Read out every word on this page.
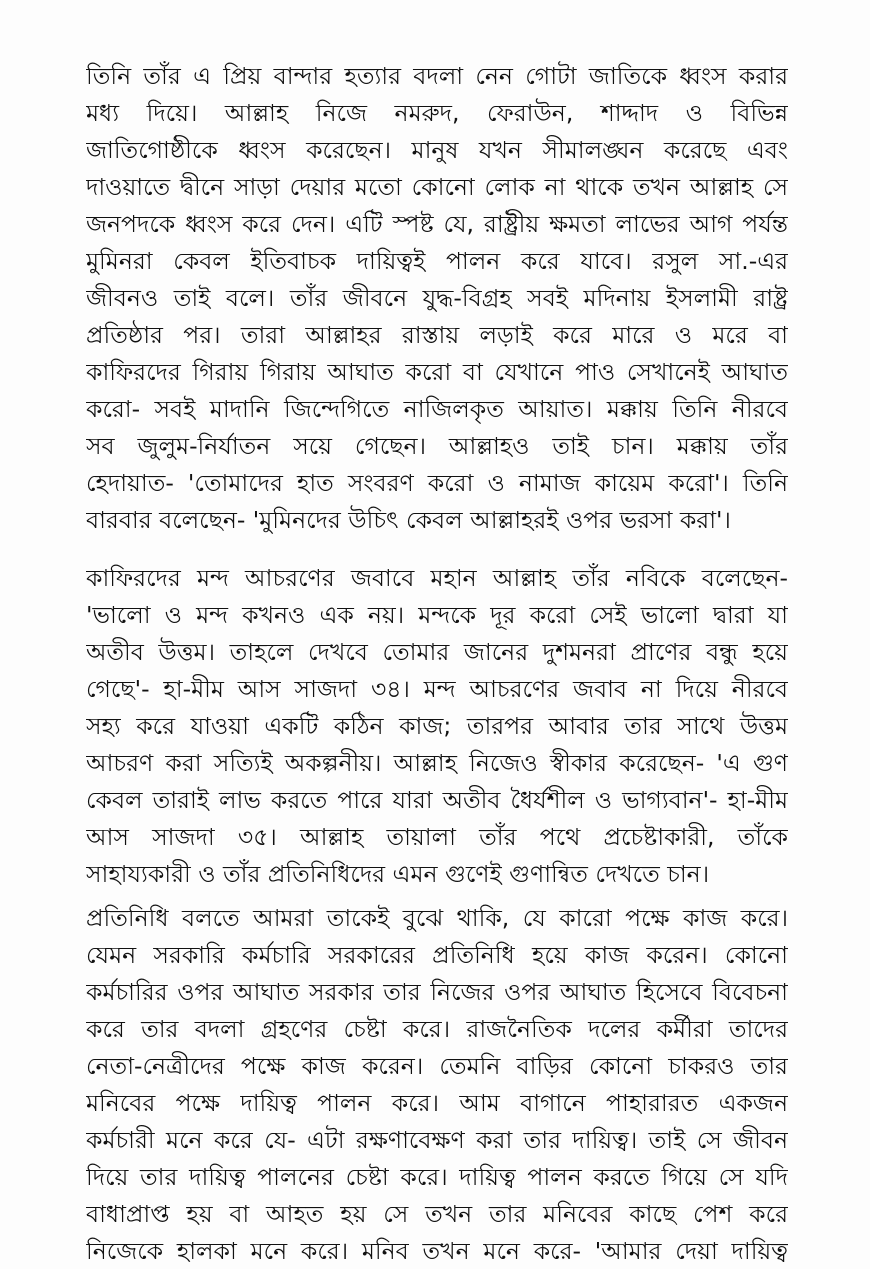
তিনি তাঁর এ প্রিয় বান্দার হত্যার বদলা নেন গোটা জাতিকে ধ্বংস করার
মধ্য দিয়ে। আল্লাহ নিজে নমরুদ, ফেরাউন, শাদ্দাদ ও বিভিন্ন
জাতিগোষ্ঠীকে ধ্বংস করেছেন। মানুষ যখন সীমালঙ্ঘন করেছে এবং
দাওয়াতে দ্বীনে সাড়া দেয়ার মতো কোনো লোক না থাকে তখন আল্লাহ সে
জনপদকে ধ্বংস করে দেন। এটি স্পষ্ট যে, রাষ্ট্রীয় ক্ষমতা লাভের আগ পর্যন্ত
মুমিনরা কেবল ইতিবাচক দায়িত্বই পালন করে যাবে। রসুল সা.-এর
জীবনও তাই বলে। তাঁর জীবনে যুদ্ধ-বিগ্রহ সবই মদিনায় ইসলামী রাষ্ট্র
প্রতিষ্ঠার পর। তারা আল্লাহর রাস্তায় লড়াই করে মারে ও মরে বা
কাফিরদের গিরায় গিরায় আঘাত করো বা যেখানে পাও সেখানেই আঘাত
করো- সবই মাদানি জিন্দেগিতে নাজিলকৃত আয়াত। মক্কায় তিনি নীরবে
সব জুলুম-নির্যাতন সয়ে গেছেন। আল্লাহও তাই চান। মক্কায় তাঁর
হেদায়াত- 'তোমাদের হাত সংবরণ করো ও নামাজ কায়েম করো'। তিনি
বারবার বলেছেন- 'মুমিনদের উচিৎ কেবল আল্লাহরই ওপর ভরসা করা'।
কাফিরদের মন্দ আচরণের জবাবে মহান আল্লাহ তাঁর নবিকে বলেছেন-
'ভালো ও মন্দ কখনও এক নয়। মন্দকে দূর করো সেই ভালো দ্বারা যা
অতীব উত্তম। তাহলে দেখবে তোমার জানের দুশমনরা প্রাণের বন্ধু হয়ে
গেছে'- হা-মীম আস সাজদা ৩৪। মন্দ আচরণের জবাব না দিয়ে নীরবে
সহ্য করে যাওয়া একটি কঠিন কাজ; তারপর আবার তার সাথে উত্তম
আচরণ করা সত্যিই অকল্পনীয়। আল্লাহ নিজেও স্বীকার করেছেন- 'এ গুণ
কেবল তারাই লাভ করতে পারে যারা অতীব ধৈর্যশীল ও ভাগ্যবান'- হা-মীম
আস সাজদা ৩৫। আল্লাহ তায়ালা তাঁর পথে প্রচেষ্টাকারী, তাঁকে
সাহায্যকারী ও তাঁর প্রতিনিধিদের এমন গুণেই গুণান্বিত দেখতে চান।
প্রতিনিধি বলতে আমরা তাকেই বুঝে থাকি, যে কারো পক্ষে কাজ করে।
যেমন সরকারি কর্মচারি সরকারের প্রতিনিধি হয়ে কাজ করেন। কোনো
কর্মচারির ওপর আঘাত সরকার তার নিজের ওপর আঘাত হিসেবে বিবেচনা
করে তার বদলা গ্রহণের চেষ্টা করে। রাজনৈতিক দলের কর্মীরা তাদের
নেতা-নেত্রীদের পক্ষে কাজ করেন। তেমনি বাড়ির কোনো চাকরও তার
মনিবের পক্ষে দায়িত্ব পালন করে। আম বাগানে পাহারারত একজন
কর্মচারী মনে করে যে- এটা রক্ষণাবেক্ষণ করা তার দায়িত্ব। তাই সে জীবন
দিয়ে তার দায়িত্ব পালনের চেষ্টা করে। দায়িত্ব পালন করতে গিয়ে সে যদি
বাধাপ্রাপ্ত হয় বা আহত হয় সে তখন তার মনিবের কাছে পেশ করে
নিজেকে হালকা মনে করে। মনিব তখন মনে করে- 'আমার দেয়া দায়িত্ব
